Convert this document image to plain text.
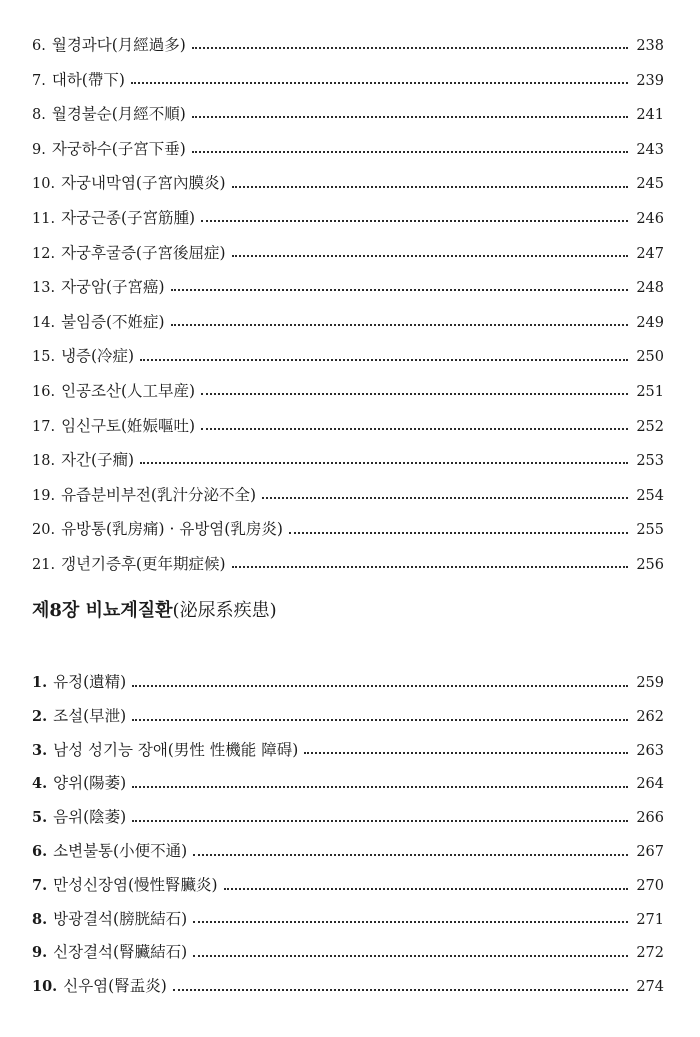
6. 월경과다(月經過多)	238
7. 대하(帶下)	239
8. 월경불순(月經不順)	241
9. 자궁하수(子宮下垂)	243
10. 자궁내막염(子宮內膜炎)	245
11. 자궁근종(子宮筋腫)	246
12. 자궁후굴증(子宮後屈症)	247
13. 자궁암(子宮癌)	248
14. 불임증(不姙症)	249
15. 냉증(冷症)	250
16. 인공조산(人工早産)	251
17. 임신구토(姙娠嘔吐)	252
18. 자간(子癎)	253
19. 유즙분비부전(乳汁分泌不全)	254
20. 유방통(乳房痛) · 유방염(乳房炎)	255
21. 갱년기증후(更年期症候)	256
제8장 비뇨계질환(泌尿系疾患)
1. 유정(遺精)	259
2. 조설(早泄)	262
3. 남성 성기능 장애(男性 性機能 障碍)	263
4. 양위(陽萎)	264
5. 음위(陰萎)	266
6. 소변불통(小便不通)	267
7. 만성신장염(慢性腎臟炎)	270
8. 방광결석(膀胱結石)	271
9. 신장결석(腎臟結石)	272
10. 신우염(腎盂炎)	274
